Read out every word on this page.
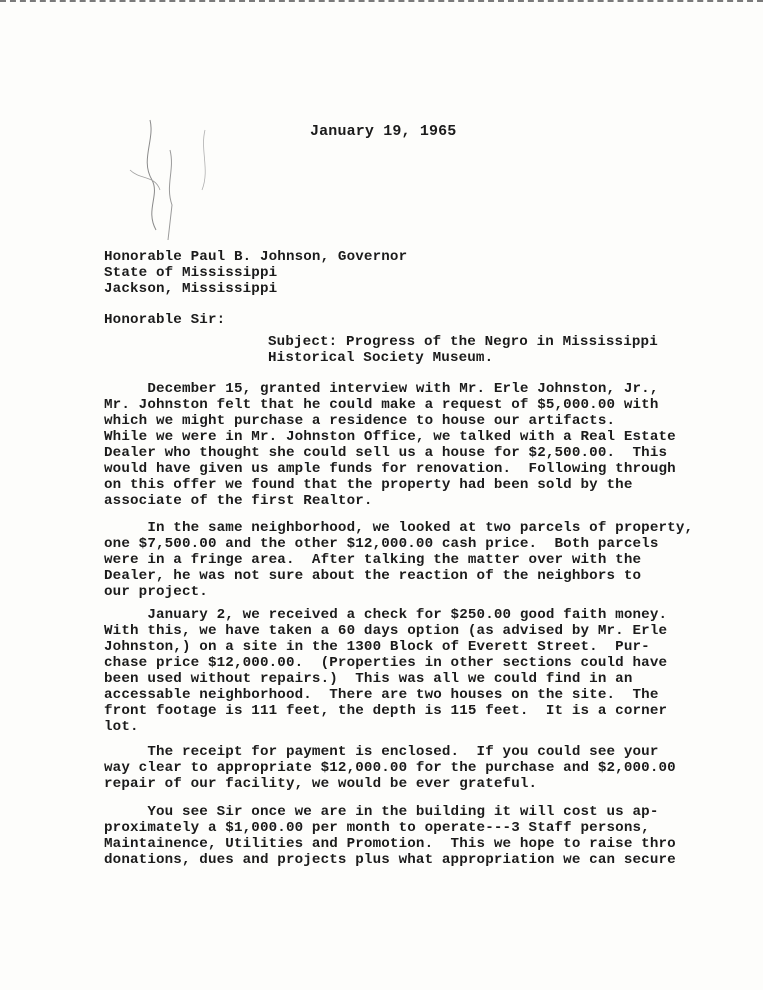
January 19, 1965
Honorable Paul B. Johnson, Governor
State of Mississippi
Jackson, Mississippi
Honorable Sir:
Subject: Progress of the Negro in Mississippi
Historical Society Museum.
December 15, granted interview with Mr. Erle Johnston, Jr.,
Mr. Johnston felt that he could make a request of $5,000.00 with
which we might purchase a residence to house our artifacts.
While we were in Mr. Johnston Office, we talked with a Real Estate
Dealer who thought she could sell us a house for $2,500.00.  This
would have given us ample funds for renovation.  Following through
on this offer we found that the property had been sold by the
associate of the first Realtor.
In the same neighborhood, we looked at two parcels of property,
one $7,500.00 and the other $12,000.00 cash price.  Both parcels
were in a fringe area.  After talking the matter over with the
Dealer, he was not sure about the reaction of the neighbors to
our project.
January 2, we received a check for $250.00 good faith money.
With this, we have taken a 60 days option (as advised by Mr. Erle
Johnston,) on a site in the 1300 Block of Everett Street.  Pur-
chase price $12,000.00.  (Properties in other sections could have
been used without repairs.)  This was all we could find in an
accessable neighborhood.  There are two houses on the site.  The
front footage is 111 feet, the depth is 115 feet.  It is a corner
lot.
The receipt for payment is enclosed.  If you could see your
way clear to appropriate $12,000.00 for the purchase and $2,000.00
repair of our facility, we would be ever grateful.
You see Sir once we are in the building it will cost us ap-
proximately a $1,000.00 per month to operate---3 Staff persons,
Maintainence, Utilities and Promotion.  This we hope to raise thro
donations, dues and projects plus what appropriation we can secure
